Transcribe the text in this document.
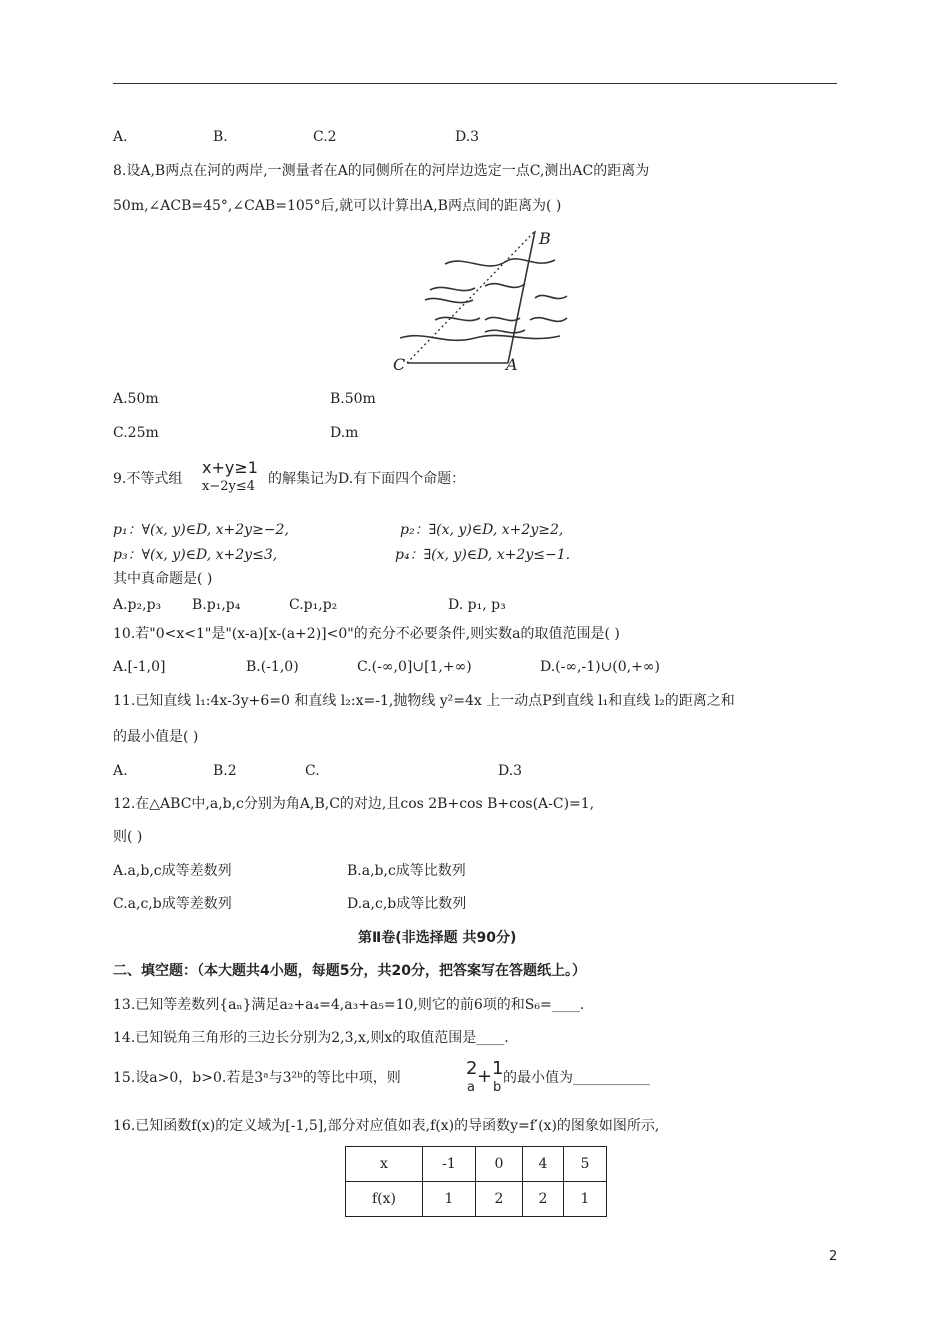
A.	B.	C.2	D.3
8.设A,B两点在河的两岸,一测量者在A的同侧所在的河岸边选定一点C,测出AC的距离为
50m,∠ACB=45°,∠CAB=105°后,就可以计算出A,B两点间的距离为( )
B
C	A
A.50m	B.50m
C.25m	D.m
9.不等式组
x+y≥1
x−2y≤4 的解集记为D.有下面四个命题：
p₁：∀(x, y)∈D, x+2y≥−2,	p₂：∃(x, y)∈D, x+2y≥2,
p₃：∀(x, y)∈D, x+2y≤3,	p₄：∃(x, y)∈D, x+2y≤−1.
其中真命题是( )
A.p₂,p₃ B.p₁,p₄	C.p₁,p₂	D. p₁, p₃
10.若"0<x<1"是"(x-a)[x-(a+2)]<0"的充分不必要条件,则实数a的取值范围是( )
A.[-1,0]	B.(-1,0)	C.(-∞,0]∪[1,+∞)	D.(-∞,-1)∪(0,+∞)
11.已知直线 l₁:4x-3y+6=0 和直线 l₂:x=-1,抛物线 y²=4x 上一动点P到直线 l₁和直线 l₂的距离之和
的最小值是( )
A.	B.2	C.	D.3
12.在△ABC中,a,b,c分别为角A,B,C的对边,且cos 2B+cos B+cos(A-C)=1,
则( )
A.a,b,c成等差数列	B.a,b,c成等比数列
C.a,c,b成等差数列	D.a,c,b成等比数列
第Ⅱ卷(非选择题 共90分)
二、填空题：（本大题共4小题，每题5分，共20分，把答案写在答题纸上。）
13.已知等差数列{aₙ}满足a₂+a₄=4,a₃+a₅=10,则它的前6项的和S₆=____.
14.已知锐角三角形的三边长分别为2,3,x,则x的取值范围是____.
15.设a>0，b>0.若是3ᵃ与3²ᵇ的等比中项，则	2
a
+ 1
b
的最小值为___________
16.已知函数f(x)的定义域为[-1,5],部分对应值如表,f(x)的导函数y=f′(x)的图象如图所示,
x	-1	0	4	5
f(x)	1	2	2	1
2
